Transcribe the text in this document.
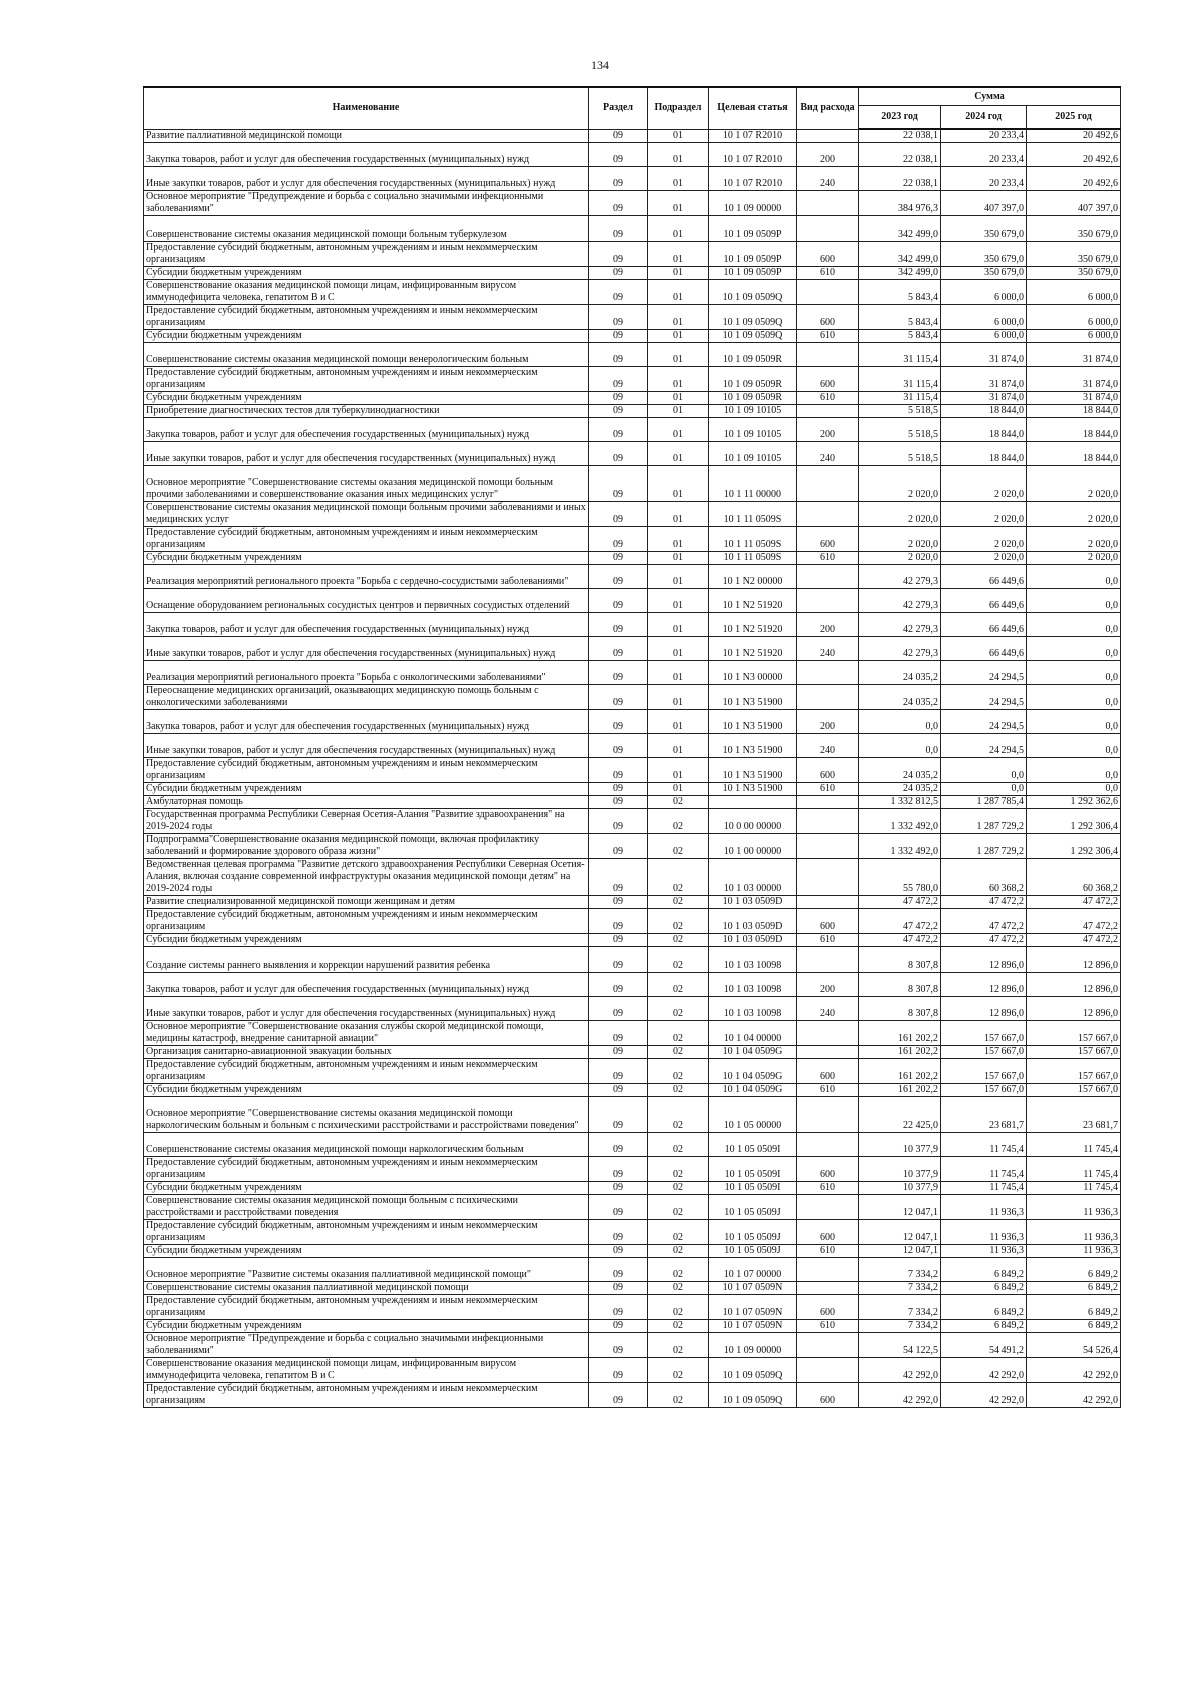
134
Наименование	Раздел	Подраздел	Целевая статья	Вид расхода	Сумма		
					2023 год	2024 год	2025 год
Развитие паллиативной медицинской помощи	09	01	10 1 07 R2010		22 038,1	20 233,4	20 492,6
Закупка товаров, работ и услуг для обеспечения государственных (муниципальных) нужд	09	01	10 1 07 R2010	200	22 038,1	20 233,4	20 492,6
Иные закупки товаров, работ и услуг для обеспечения государственных (муниципальных) нужд	09	01	10 1 07 R2010	240	22 038,1	20 233,4	20 492,6
Основное мероприятие "Предупреждение и борьба с социально значимыми инфекционными заболеваниями"	09	01	10 1 09 00000		384 976,3	407 397,0	407 397,0
Совершенствование системы оказания медицинской помощи больным туберкулезом	09	01	10 1 09 0509P		342 499,0	350 679,0	350 679,0
Предоставление субсидий бюджетным, автономным учреждениям и иным некоммерческим организациям	09	01	10 1 09 0509P	600	342 499,0	350 679,0	350 679,0
Субсидии бюджетным учреждениям	09	01	10 1 09 0509P	610	342 499,0	350 679,0	350 679,0
Совершенствование оказания медицинской помощи лицам, инфицированным вирусом иммунодефицита человека, гепатитом B и C	09	01	10 1 09 0509Q		5 843,4	6 000,0	6 000,0
Предоставление субсидий бюджетным, автономным учреждениям и иным некоммерческим организациям	09	01	10 1 09 0509Q	600	5 843,4	6 000,0	6 000,0
Субсидии бюджетным учреждениям	09	01	10 1 09 0509Q	610	5 843,4	6 000,0	6 000,0
Совершенствование системы оказания медицинской помощи венерологическим больным	09	01	10 1 09 0509R		31 115,4	31 874,0	31 874,0
Предоставление субсидий бюджетным, автономным учреждениям и иным некоммерческим организациям	09	01	10 1 09 0509R	600	31 115,4	31 874,0	31 874,0
Субсидии бюджетным учреждениям	09	01	10 1 09 0509R	610	31 115,4	31 874,0	31 874,0
Приобретение диагностических тестов для туберкулинодиагностики	09	01	10 1 09 10105		5 518,5	18 844,0	18 844,0
Закупка товаров, работ и услуг для обеспечения государственных (муниципальных) нужд	09	01	10 1 09 10105	200	5 518,5	18 844,0	18 844,0
Иные закупки товаров, работ и услуг для обеспечения государственных (муниципальных) нужд	09	01	10 1 09 10105	240	5 518,5	18 844,0	18 844,0
Основное мероприятие "Совершенствование системы оказания медицинской помощи больным прочими заболеваниями и совершенствование оказания иных медицинских услуг"	09	01	10 1 11 00000		2 020,0	2 020,0	2 020,0
Совершенствование системы оказания медицинской помощи больным прочими заболеваниями и иных медицинских услуг	09	01	10 1 11 0509S		2 020,0	2 020,0	2 020,0
Предоставление субсидий бюджетным, автономным учреждениям и иным некоммерческим организациям	09	01	10 1 11 0509S	600	2 020,0	2 020,0	2 020,0
Субсидии бюджетным учреждениям	09	01	10 1 11 0509S	610	2 020,0	2 020,0	2 020,0
Реализация мероприятий регионального проекта "Борьба с сердечно-сосудистыми заболеваниями"	09	01	10 1 N2 00000		42 279,3	66 449,6	0,0
Оснащение оборудованием региональных сосудистых центров и первичных сосудистых отделений	09	01	10 1 N2 51920		42 279,3	66 449,6	0,0
Закупка товаров, работ и услуг для обеспечения государственных (муниципальных) нужд	09	01	10 1 N2 51920	200	42 279,3	66 449,6	0,0
Иные закупки товаров, работ и услуг для обеспечения государственных (муниципальных) нужд	09	01	10 1 N2 51920	240	42 279,3	66 449,6	0,0
Реализация мероприятий регионального проекта "Борьба с онкологическими заболеваниями"	09	01	10 1 N3 00000		24 035,2	24 294,5	0,0
Переоснащение медицинских организаций, оказывающих медицинскую помощь больным с онкологическими заболеваниями	09	01	10 1 N3 51900		24 035,2	24 294,5	0,0
Закупка товаров, работ и услуг для обеспечения государственных (муниципальных) нужд	09	01	10 1 N3 51900	200	0,0	24 294,5	0,0
Иные закупки товаров, работ и услуг для обеспечения государственных (муниципальных) нужд	09	01	10 1 N3 51900	240	0,0	24 294,5	0,0
Предоставление субсидий бюджетным, автономным учреждениям и иным некоммерческим организациям	09	01	10 1 N3 51900	600	24 035,2	0,0	0,0
Субсидии бюджетным учреждениям	09	01	10 1 N3 51900	610	24 035,2	0,0	0,0
Амбулаторная помощь	09	02			1 332 812,5	1 287 785,4	1 292 362,6
Государственная программа Республики Северная Осетия-Алания "Развитие здравоохранения" на 2019-2024 годы	09	02	10 0 00 00000		1 332 492,0	1 287 729,2	1 292 306,4
Подпрограмма"Совершенствование оказания медицинской помощи, включая профилактику заболеваний и формирование здорового образа жизни"	09	02	10 1 00 00000		1 332 492,0	1 287 729,2	1 292 306,4
Ведомственная целевая программа "Развитие детского здравоохранения Республики Северная Осетия-Алания, включая создание современной инфраструктуры оказания медицинской помощи детям" на 2019-2024 годы	09	02	10 1 03 00000		55 780,0	60 368,2	60 368,2
Развитие специализированной медицинской помощи женщинам и детям	09	02	10 1 03 0509D		47 472,2	47 472,2	47 472,2
Предоставление субсидий бюджетным, автономным учреждениям и иным некоммерческим организациям	09	02	10 1 03 0509D	600	47 472,2	47 472,2	47 472,2
Субсидии бюджетным учреждениям	09	02	10 1 03 0509D	610	47 472,2	47 472,2	47 472,2
Создание системы раннего выявления и коррекции нарушений развития ребенка	09	02	10 1 03 10098		8 307,8	12 896,0	12 896,0
Закупка товаров, работ и услуг для обеспечения государственных (муниципальных) нужд	09	02	10 1 03 10098	200	8 307,8	12 896,0	12 896,0
Иные закупки товаров, работ и услуг для обеспечения государственных (муниципальных) нужд	09	02	10 1 03 10098	240	8 307,8	12 896,0	12 896,0
Основное мероприятие "Совершенствование оказания службы скорой медицинской помощи, медицины катастроф, внедрение санитарной авиации"	09	02	10 1 04 00000		161 202,2	157 667,0	157 667,0
Организация санитарно-авиационной эвакуации больных	09	02	10 1 04 0509G		161 202,2	157 667,0	157 667,0
Предоставление субсидий бюджетным, автономным учреждениям и иным некоммерческим организациям	09	02	10 1 04 0509G	600	161 202,2	157 667,0	157 667,0
Субсидии бюджетным учреждениям	09	02	10 1 04 0509G	610	161 202,2	157 667,0	157 667,0
Основное мероприятие "Совершенствование системы оказания медицинской помощи наркологическим больным и больным с психическими расстройствами и расстройствами поведения"	09	02	10 1 05 00000		22 425,0	23 681,7	23 681,7
Совершенствование системы оказания медицинской помощи наркологическим больным	09	02	10 1 05 0509I		10 377,9	11 745,4	11 745,4
Предоставление субсидий бюджетным, автономным учреждениям и иным некоммерческим организациям	09	02	10 1 05 0509I	600	10 377,9	11 745,4	11 745,4
Субсидии бюджетным учреждениям	09	02	10 1 05 0509I	610	10 377,9	11 745,4	11 745,4
Совершенствование системы оказания медицинской помощи больным с психическими расстройствами и расстройствами поведения	09	02	10 1 05 0509J		12 047,1	11 936,3	11 936,3
Предоставление субсидий бюджетным, автономным учреждениям и иным некоммерческим организациям	09	02	10 1 05 0509J	600	12 047,1	11 936,3	11 936,3
Субсидии бюджетным учреждениям	09	02	10 1 05 0509J	610	12 047,1	11 936,3	11 936,3
Основное мероприятие "Развитие системы оказания паллиативной медицинской помощи"	09	02	10 1 07 00000		7 334,2	6 849,2	6 849,2
Совершенствование системы оказания паллиативной медицинской помощи	09	02	10 1 07 0509N		7 334,2	6 849,2	6 849,2
Предоставление субсидий бюджетным, автономным учреждениям и иным некоммерческим организациям	09	02	10 1 07 0509N	600	7 334,2	6 849,2	6 849,2
Субсидии бюджетным учреждениям	09	02	10 1 07 0509N	610	7 334,2	6 849,2	6 849,2
Основное мероприятие "Предупреждение и борьба с социально значимыми инфекционными заболеваниями"	09	02	10 1 09 00000		54 122,5	54 491,2	54 526,4
Совершенствование оказания медицинской помощи лицам, инфицированным вирусом иммунодефицита человека, гепатитом B и C	09	02	10 1 09 0509Q		42 292,0	42 292,0	42 292,0
Предоставление субсидий бюджетным, автономным учреждениям и иным некоммерческим организациям	09	02	10 1 09 0509Q	600	42 292,0	42 292,0	42 292,0
